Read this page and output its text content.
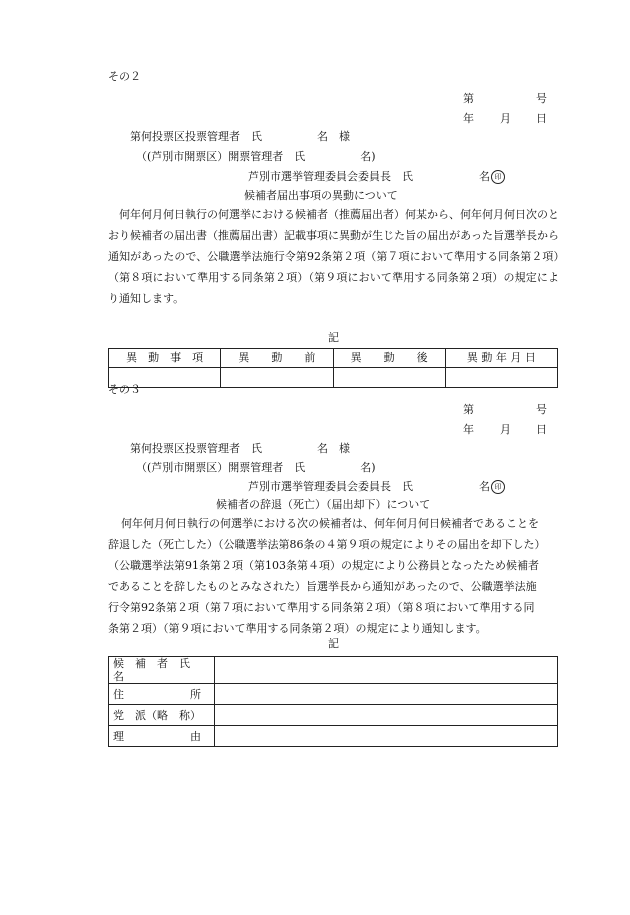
その２
第	号
年 月 日
第何投票区投票管理者　氏　　　　　名　様
（(芦別市開票区）開票管理者　氏　　　　　名)
芦別市選挙管理委員会委員長　氏　　　　　　名 印
候補者届出事項の異動について

何年何月何日執行の何選挙における候補者（推薦届出者）何某から、何年何月何日次のとおり候補者の届出書（推薦届出書）記載事項に異動が生じた旨の届出があった旨選挙長から通知があったので、公職選挙法施行令第92条第２項（第７項において準用する同条第２項）（第８項において準用する同条第２項）（第９項において準用する同条第２項）の規定により通知します。

記
異　動　事　項	異　　動　　前	異　　動　　後	異 動 年 月 日

その３
第	号
年 月 日
第何投票区投票管理者　氏　　　　　名　様
（(芦別市開票区）開票管理者　氏　　　　　名)
芦別市選挙管理委員会委員長　氏　　　　　　名 印
候補者の辞退（死亡）（届出却下）について
何年何月何日執行の何選挙における次の候補者は、何年何月何日候補者であることを
辞退した（死亡した）（公職選挙法第86条の４第９項の規定によりその届出を却下した）
（公職選挙法第91条第２項（第103条第４項）の規定により公務員となったため候補者
であることを辞したものとみなされた）旨選挙長から通知があったので、公職選挙法施
行令第92条第２項（第７項において準用する同条第２項）（第８項において準用する同
条第２項）（第９項において準用する同条第２項）の規定により通知します。
記
候　補　者　氏　名	
住　　　　　　所	
党　派（略　称）	
理　　　　　　由	
